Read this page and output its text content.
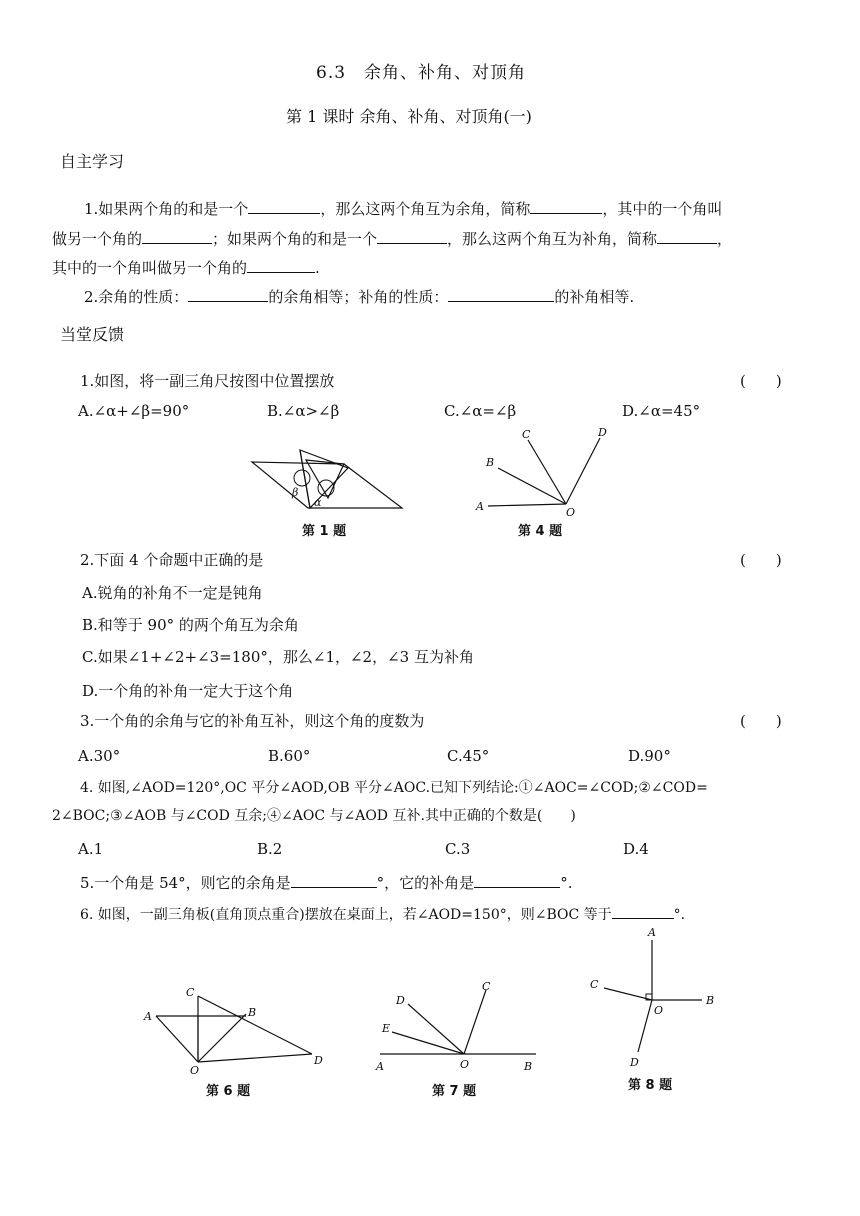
6.3　余角、补角、对顶角
第 1 课时 余角、补角、对顶角(一)
自主学习
1.如果两个角的和是一个	，那么这两个角互为余角，简称	，其中的一个角叫
做另一个角的	；如果两个角的和是一个	，那么这两个角互为补角，简称	，
其中的一个角叫做另一个角的	.
2.余角的性质：	的余角相等；补角的性质：	的补角相等.
当堂反馈
1.如图，将一副三角尺按图中位置摆放	(　　)
A.∠α+∠β=90°	B.∠α>∠β	C.∠α=∠β	D.∠α=45°
β
α
第 1 题
A
B
C	D
O
第 4 题
2.下面 4 个命题中正确的是	(　　)
A.锐角的补角不一定是钝角
B.和等于 90° 的两个角互为余角
C.如果∠1+∠2+∠3=180°，那么∠1，∠2，∠3 互为补角
D.一个角的补角一定大于这个角
3.一个角的余角与它的补角互补，则这个角的度数为	(　　)
A.30°	B.60°	C.45°	D.90°
4. 如图,∠AOD=120°,OC 平分∠AOD,OB 平分∠AOC.已知下列结论:①∠AOC=∠COD;②∠COD=
2∠BOC;③∠AOB 与∠COD 互余;④∠AOC 与∠AOD 互补.其中正确的个数是(　　)
A.1	B.2	C.3	D.4
5.一个角是 54°，则它的余角是	°，它的补角是	°.
6. 如图，一副三角板(直角顶点重合)摆放在桌面上，若∠AOD=150°，则∠BOC 等于	°.
A	B
C
D
O
第 6 题
A	B
C
D
E
O
第 7 题
A
B
C
D
O
第 8 题
